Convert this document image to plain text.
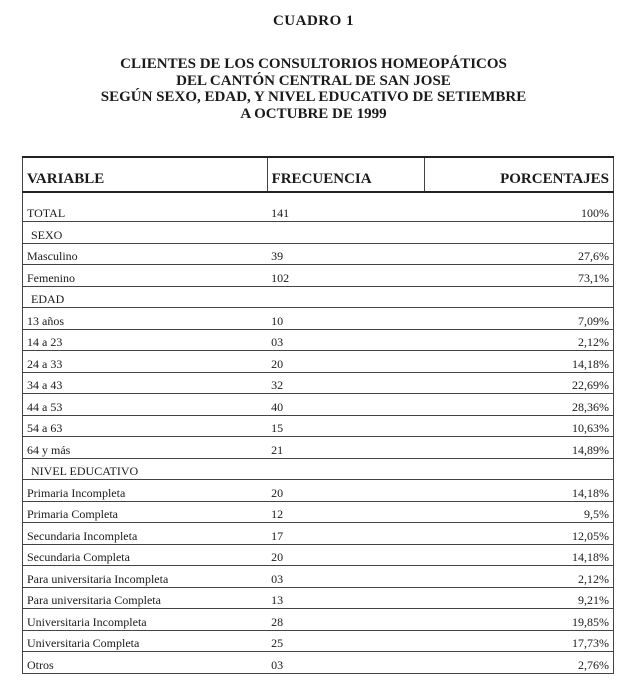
CUADRO 1
CLIENTES DE LOS CONSULTORIOS HOMEOPÁTICOS
DEL CANTÓN CENTRAL DE SAN JOSE
SEGÚN SEXO, EDAD, Y NIVEL EDUCATIVO DE SETIEMBRE
A OCTUBRE DE 1999
VARIABLE	FRECUENCIA	PORCENTAJES
TOTAL	141	100%
SEXO		
Masculino	39	27,6%
Femenino	102	73,1%
EDAD		
13 años	10	7,09%
14 a 23	03	2,12%
24 a 33	20	14,18%
34 a 43	32	22,69%
44 a 53	40	28,36%
54 a 63	15	10,63%
64 y más	21	14,89%
NIVEL EDUCATIVO		
Primaria Incompleta	20	14,18%
Primaria Completa	12	9,5%
Secundaria Incompleta	17	12,05%
Secundaria Completa	20	14,18%
Para universitaria Incompleta	03	2,12%
Para universitaria Completa	13	9,21%
Universitaria Incompleta	28	19,85%
Universitaria Completa	25	17,73%
Otros	03	2,76%
